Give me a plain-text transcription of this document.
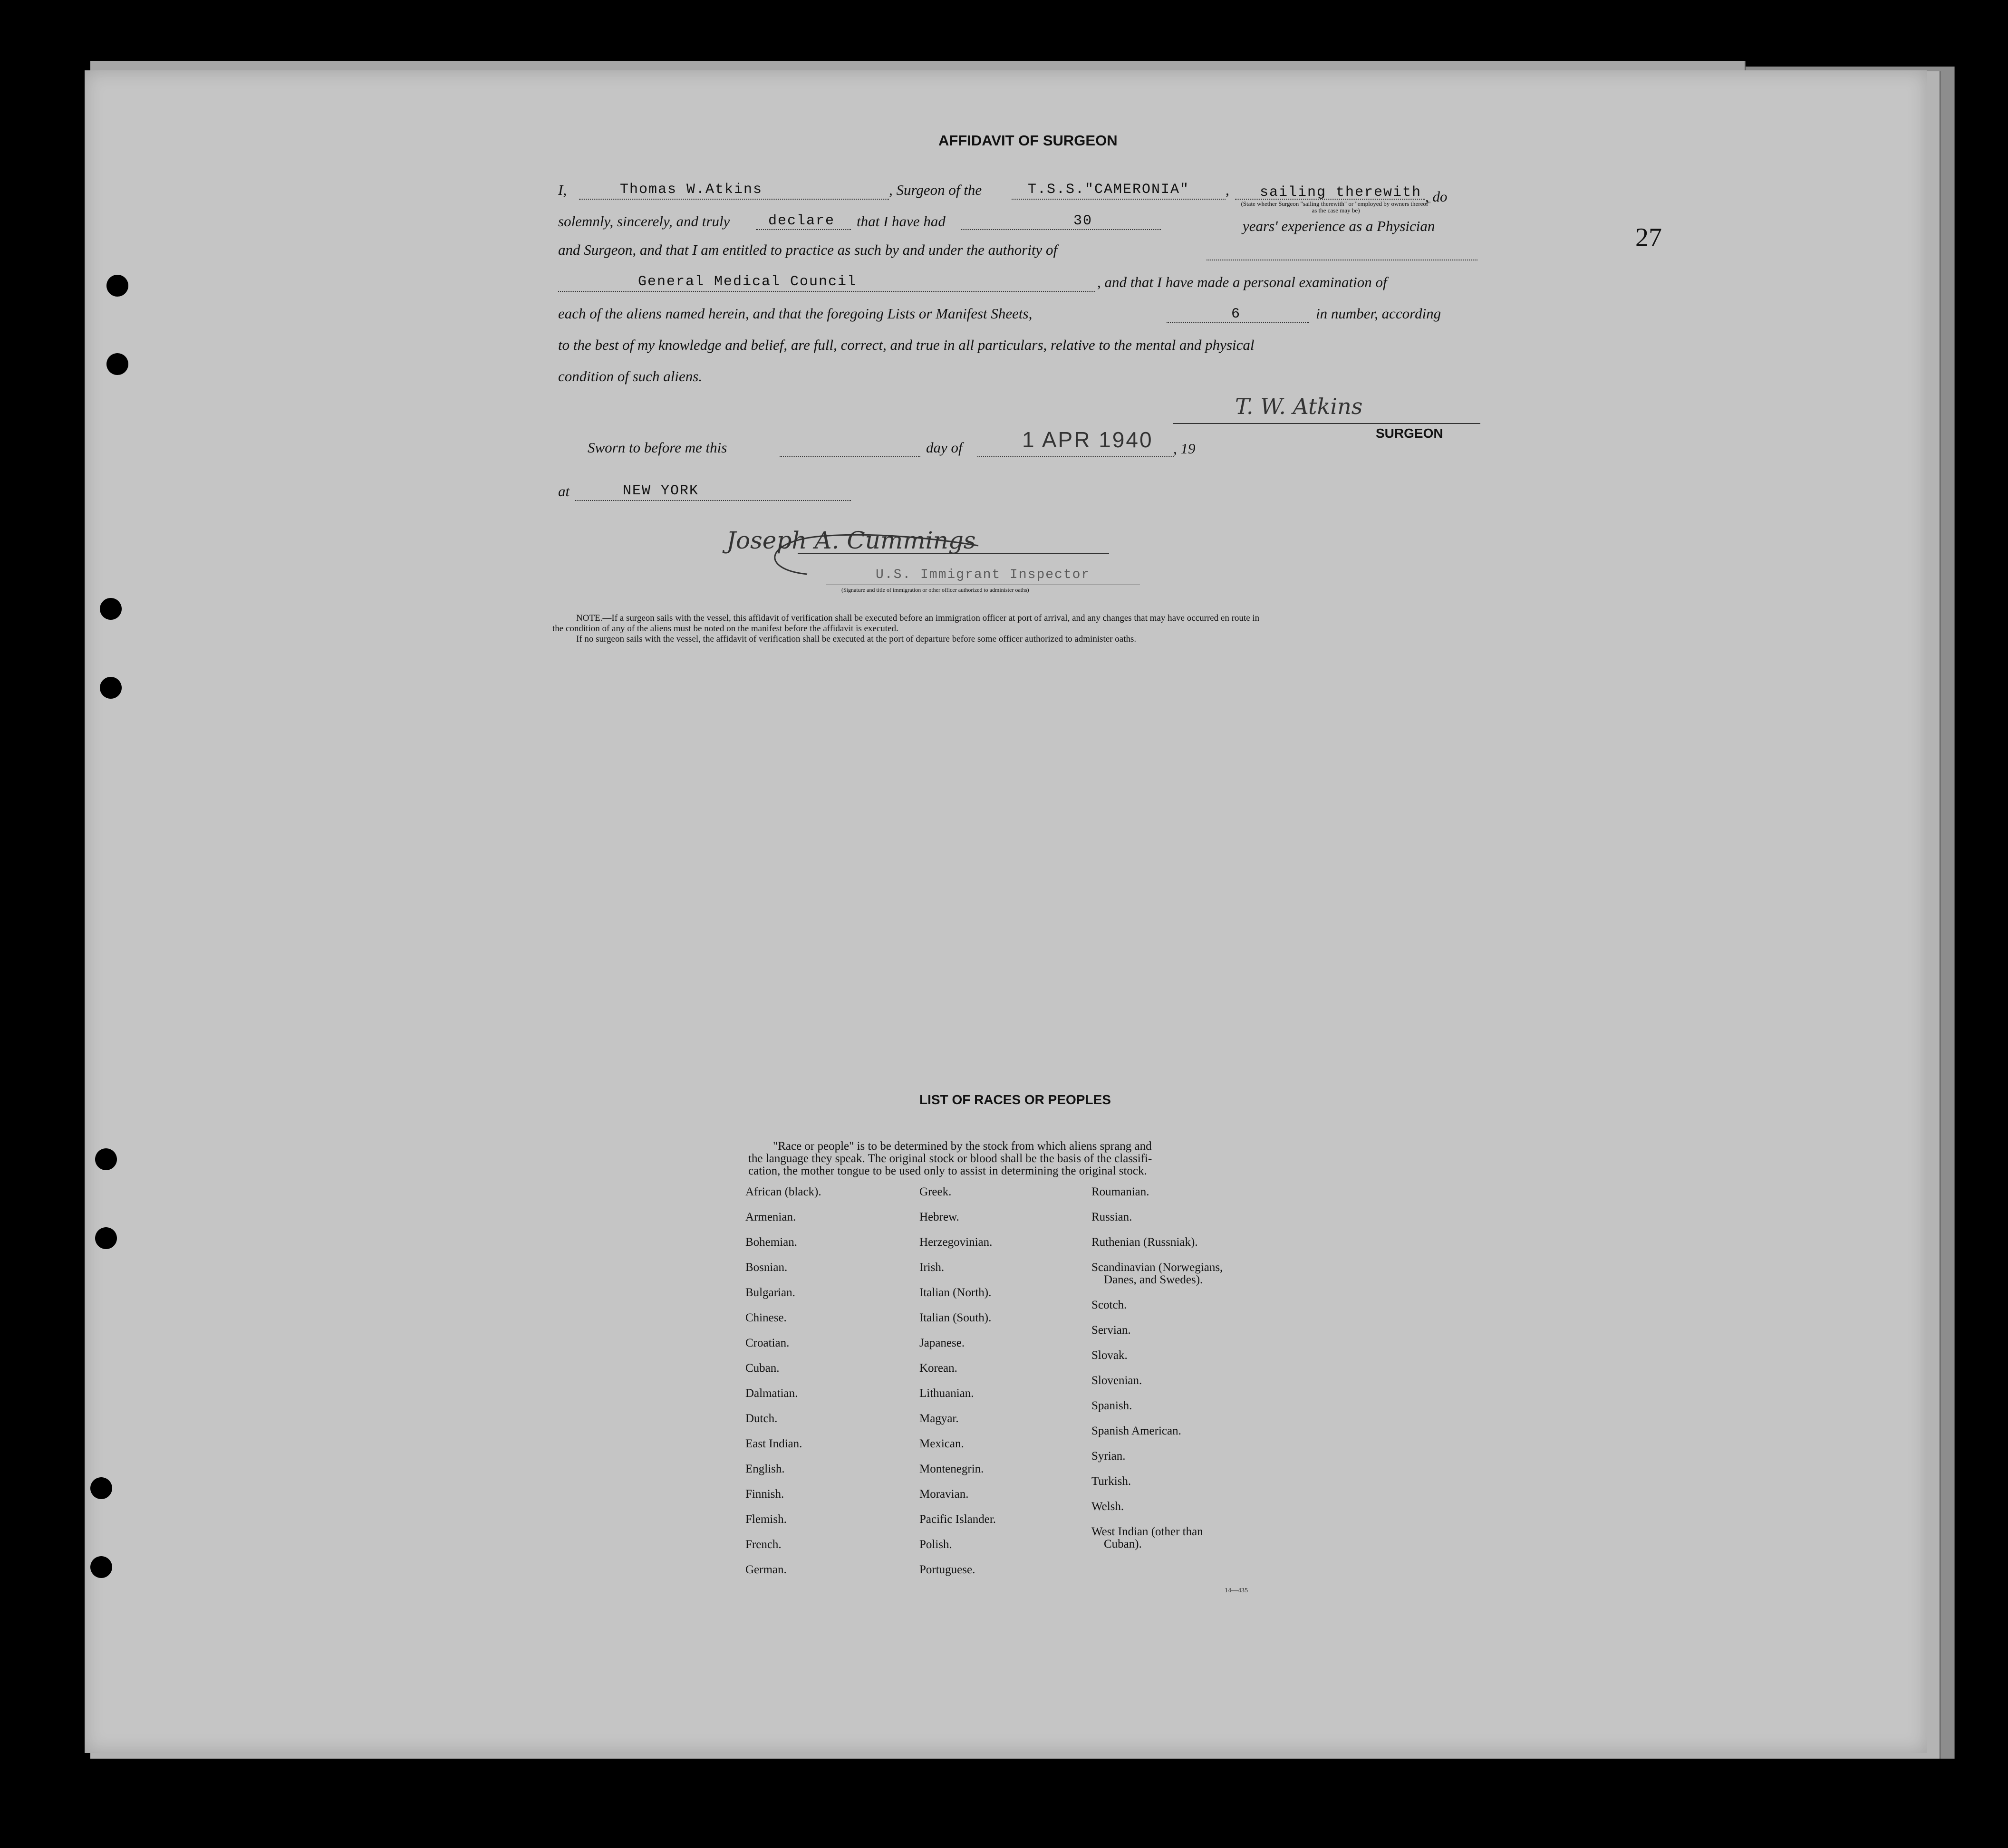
27
AFFIDAVIT OF SURGEON
I,	Thomas W.Atkins	, Surgeon of the	T.S.S."CAMERONIA" , sailing therewith , do
(State whether Surgeon "sailing therewith" or "employed by owners thereof" as the case may be)
solemnly, sincerely, and truly	declare that I have had	30	years' experience as a Physician
and Surgeon, and that I am entitled to practice as such by and under the authority of
General Medical Council	, and that I have made a personal examination of
each of the aliens named herein, and that the foregoing Lists or Manifest Sheets,	6	in number, according
to the best of my knowledge and belief, are full, correct, and true in all particulars, relative to the mental and physical
condition of such aliens.
T. W. Atkins
SURGEON
Sworn to before me this	day of	1 APR 1940 , 19
at	NEW YORK
Joseph A. Cummings
U.S. Immigrant Inspector
(Signature and title of immigration or other officer authorized to administer oaths)
NOTE.—If a surgeon sails with the vessel, this affidavit of verification shall be executed before an immigration officer at port of arrival, and any changes that may have occurred en route in
the condition of any of the aliens must be noted on the manifest before the affidavit is executed.
If no surgeon sails with the vessel, the affidavit of verification shall be executed at the port of departure before some officer authorized to administer oaths.
LIST OF RACES OR PEOPLES
"Race or people" is to be determined by the stock from which aliens sprang and
the language they speak. The original stock or blood shall be the basis of the classifi-
cation, the mother tongue to be used only to assist in determining the original stock.
African (black).
Armenian.
Bohemian.
Bosnian.
Bulgarian.
Chinese.
Croatian.
Cuban.
Dalmatian.
Dutch.
East Indian.
English.
Finnish.
Flemish.
French.
German.
Greek.
Hebrew.
Herzegovinian.
Irish.
Italian (North).
Italian (South).
Japanese.
Korean.
Lithuanian.
Magyar.
Mexican.
Montenegrin.
Moravian.
Pacific Islander.
Polish.
Portuguese.
Roumanian.
Russian.
Ruthenian (Russniak).
Scandinavian (Norwegians,
Danes, and Swedes).
Scotch.
Servian.
Slovak.
Slovenian.
Spanish.
Spanish American.
Syrian.
Turkish.
Welsh.
West Indian (other than
Cuban).
14—435
